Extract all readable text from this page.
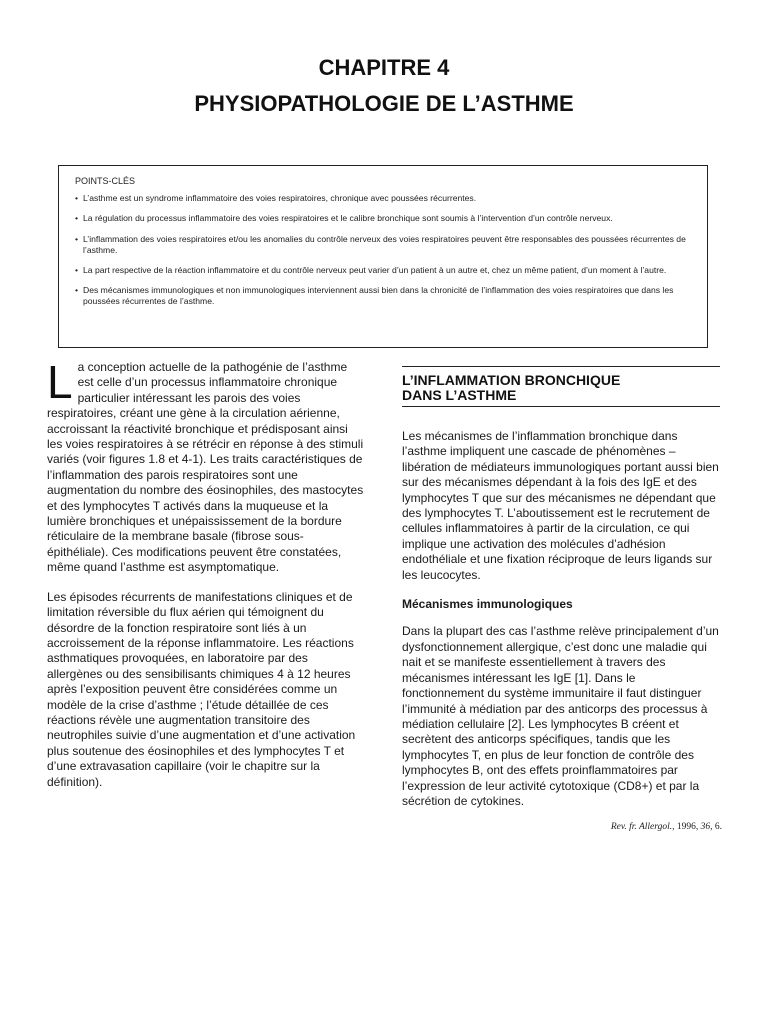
CHAPITRE 4
PHYSIOPATHOLOGIE DE L’ASTHME
POINTS-CLÉS
• L’asthme est un syndrome inflammatoire des voies respiratoires, chronique avec poussées récurrentes.
• La régulation du processus inflammatoire des voies respiratoires et le calibre bronchique sont soumis à l’intervention d’un contrôle nerveux.
• L’inflammation des voies respiratoires et/ou les anomalies du contrôle nerveux des voies respiratoires peuvent être responsables des poussées récurrentes de l’asthme.
• La part respective de la réaction inflammatoire et du contrôle nerveux peut varier d’un patient à un autre et, chez un même patient, d’un moment à l’autre.
• Des mécanismes immunologiques et non immunologiques interviennent aussi bien dans la chronicité de l’inflammation des voies respiratoires que dans les poussées récurrentes de l’asthme.

La conception actuelle de la pathogénie de l’asthme est celle d’un processus inflammatoire chronique particulier intéressant les parois des voies respiratoires, créant une gène à la circulation aérienne, accroissant la réactivité bronchique et prédisposant ainsi les voies respiratoires à se rétrécir en réponse à des stimuli variés (voir figures 1.8 et 4-1). Les traits caractéristiques de l’inflammation des parois respiratoires sont une augmentation du nombre des éosinophiles, des mastocytes et des lymphocytes T activés dans la muqueuse et la lumière bronchiques et unépaississement de la bordure réticulaire de la membrane basale (fibrose sous-épithéliale). Ces modifications peuvent être constatées, même quand l’asthme est asymptomatique.

Les épisodes récurrents de manifestations cliniques et de limitation réversible du flux aérien qui témoignent du désordre de la fonction respiratoire sont liés à un accroissement de la réponse inflammatoire. Les réactions asthmatiques provoquées, en laboratoire par des allergènes ou des sensibilisants chimiques 4 à 12 heures après l’exposition peuvent être considérées comme un modèle de la crise d’asthme ; l’étude détaillée de ces réactions révèle une augmentation transitoire des neutrophiles suivie d’une augmentation et d’une activation plus soutenue des éosinophiles et des lymphocytes T et d’une extravasation capillaire (voir le chapitre sur la définition).

L’INFLAMMATION BRONCHIQUE
DANS L’ASTHME

Les mécanismes de l’inflammation bronchique dans l’asthme impliquent une cascade de phénomènes – libération de médiateurs immunologiques portant aussi bien sur des mécanismes dépendant à la fois des IgE et des lymphocytes T que sur des mécanismes ne dépendant que des lymphocytes T. L’aboutissement est le recrutement de cellules inflammatoires à partir de la circulation, ce qui implique une activation des molécules d’adhésion endothéliale et une fixation réciproque de leurs ligands sur les leucocytes.

Mécanismes immunologiques

Dans la plupart des cas l’asthme relève principalement d’un dysfonctionnement allergique, c’est donc une maladie qui nait et se manifeste essentiellement à travers des mécanismes intéressant les IgE [1]. Dans le fonctionnement du système immunitaire il faut distinguer l’immunité à médiation par des anticorps des processus à médiation cellulaire [2]. Les lymphocytes B créent et secrètent des anticorps spécifiques, tandis que les lymphocytes T, en plus de leur fonction de contrôle des lymphocytes B, ont des effets proinflammatoires par l’expression de leur activité cytotoxique (CD8+) et par la sécrétion de cytokines.

Rev. fr. Allergol., 1996, 36, 6.
